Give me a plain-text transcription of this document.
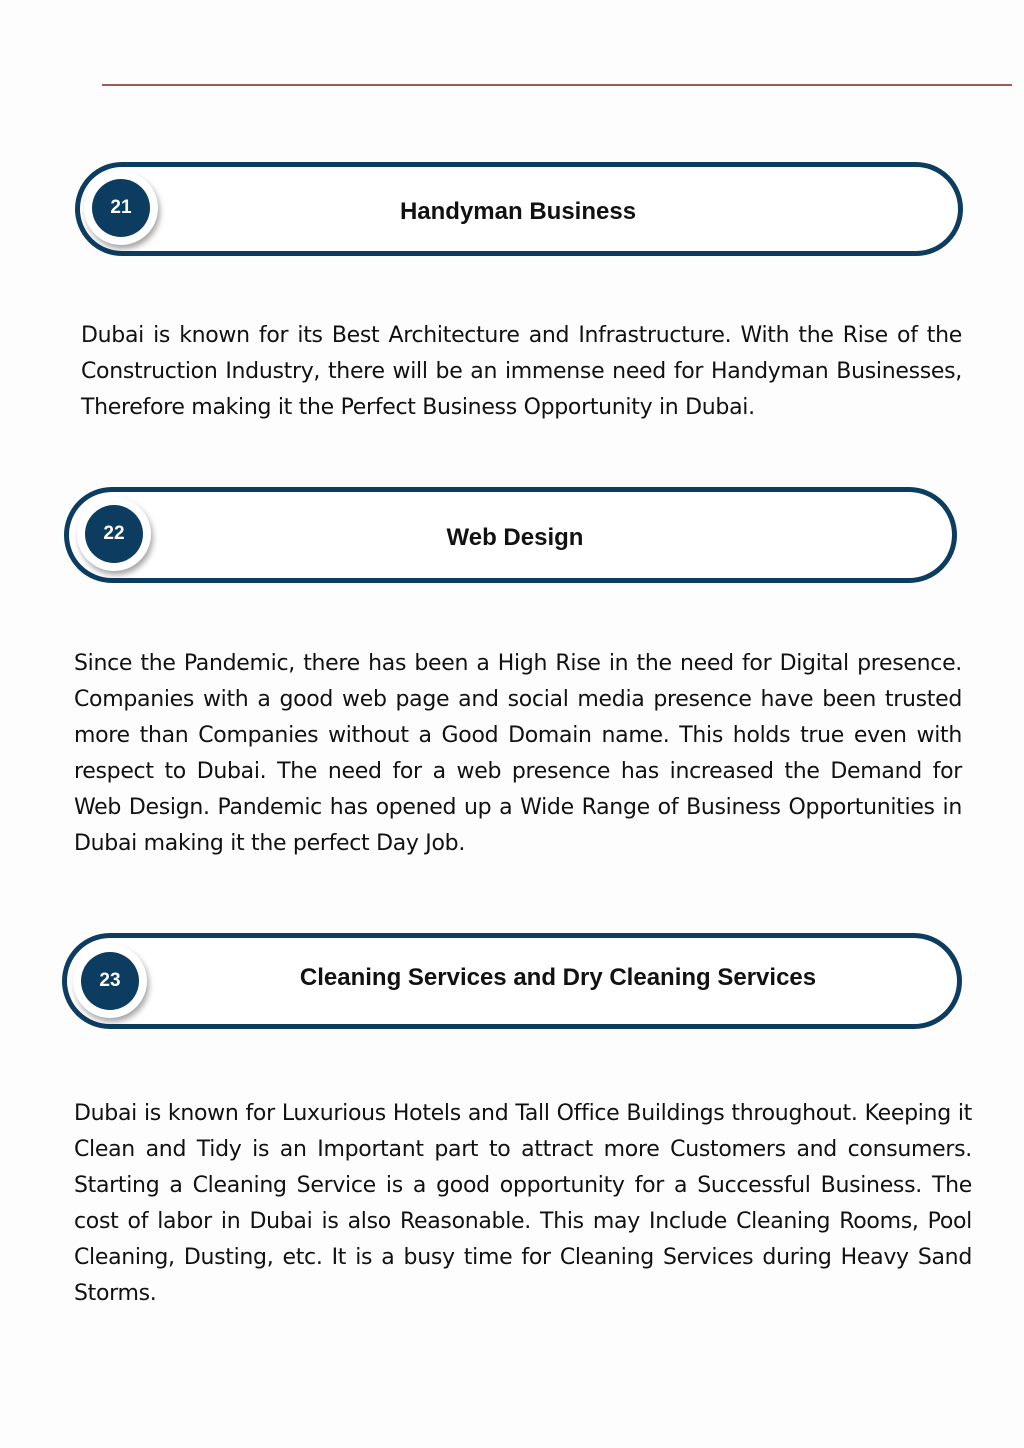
21	Handyman Business

Dubai is known for its Best Architecture and Infrastructure. With the Rise of the Construction Industry, there will be an immense need for Handyman Businesses, Therefore making it the Perfect Business Opportunity in Dubai.

22	Web Design

Since the Pandemic, there has been a High Rise in the need for Digital presence. Companies with a good web page and social media presence have been trusted more than Companies without a Good Domain name. This holds true even with respect to Dubai. The need for a web presence has increased the Demand for Web Design. Pandemic has opened up a Wide Range of Business Opportunities in Dubai making it the perfect Day Job.

23	Cleaning Services and Dry Cleaning Services

Dubai is known for Luxurious Hotels and Tall Office Buildings throughout. Keeping it Clean and Tidy is an Important part to attract more Customers and consumers. Starting a Cleaning Service is a good opportunity for a Successful Business. The cost of labor in Dubai is also Reasonable. This may Include Cleaning Rooms, Pool Cleaning, Dusting, etc. It is a busy time for Cleaning Services during Heavy Sand Storms.
